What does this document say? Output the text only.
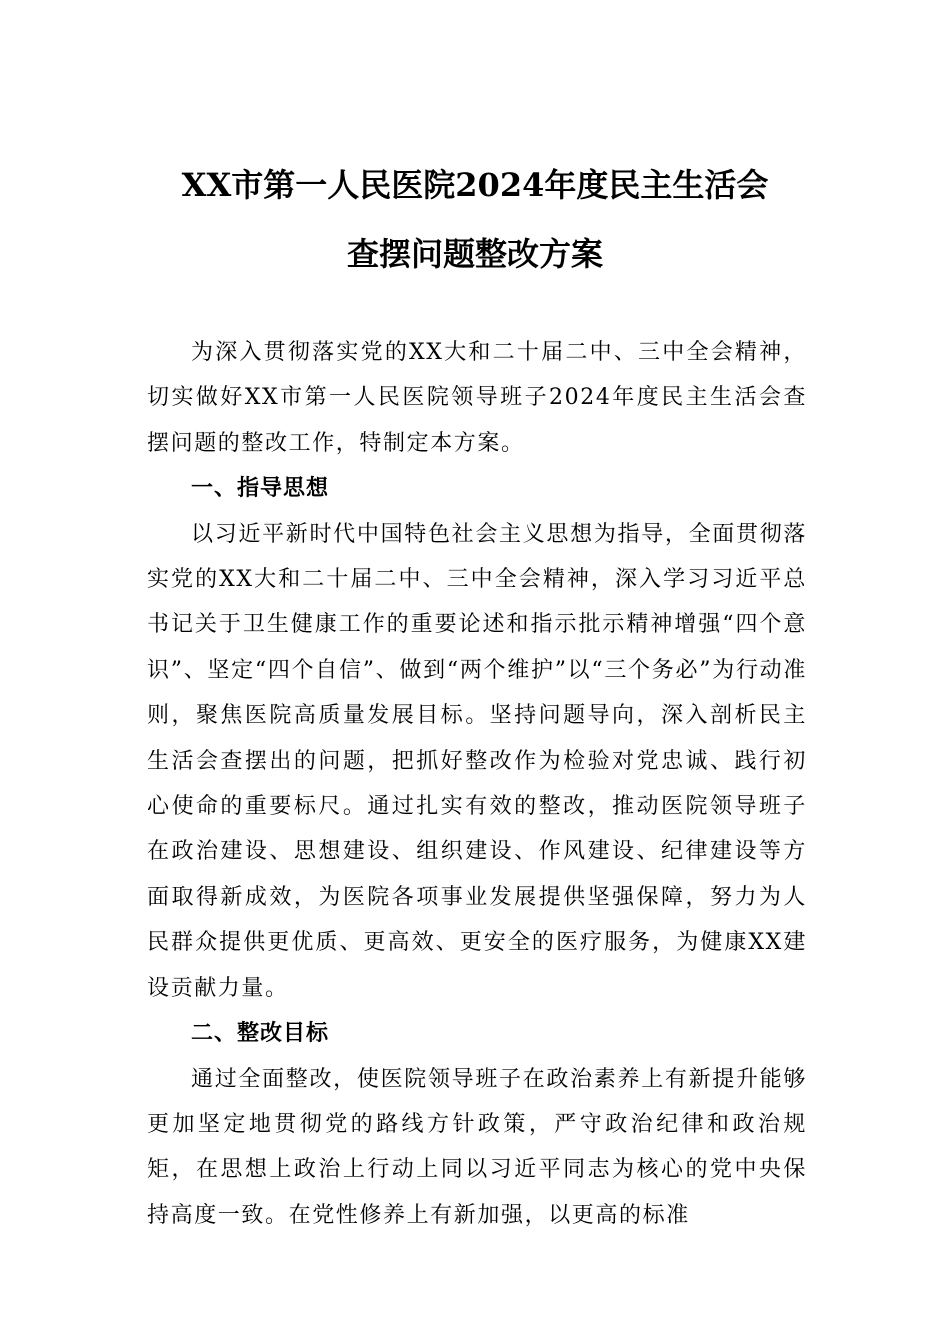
XX市第一人民医院2024年度民主生活会
查摆问题整改方案

为深入贯彻落实党的XX大和二十届二中、三中全会精神，切实做好XX市第一人民医院领导班子2024年度民主生活会查摆问题的整改工作，特制定本方案。

一、指导思想

以习近平新时代中国特色社会主义思想为指导，全面贯彻落实党的XX大和二十届二中、三中全会精神，深入学习习近平总书记关于卫生健康工作的重要论述和指示批示精神增强“四个意识”、坚定“四个自信”、做到“两个维护”以“三个务必”为行动准则，聚焦医院高质量发展目标。坚持问题导向，深入剖析民主生活会查摆出的问题，把抓好整改作为检验对党忠诚、践行初心使命的重要标尺。通过扎实有效的整改，推动医院领导班子在政治建设、思想建设、组织建设、作风建设、纪律建设等方面取得新成效，为医院各项事业发展提供坚强保障，努力为人民群众提供更优质、更高效、更安全的医疗服务，为健康XX建设贡献力量。

二、整改目标

通过全面整改，使医院领导班子在政治素养上有新提升能够更加坚定地贯彻党的路线方针政策，严守政治纪律和政治规矩，在思想上政治上行动上同以习近平同志为核心的党中央保持高度一致。在党性修养上有新加强，以更高的标准
